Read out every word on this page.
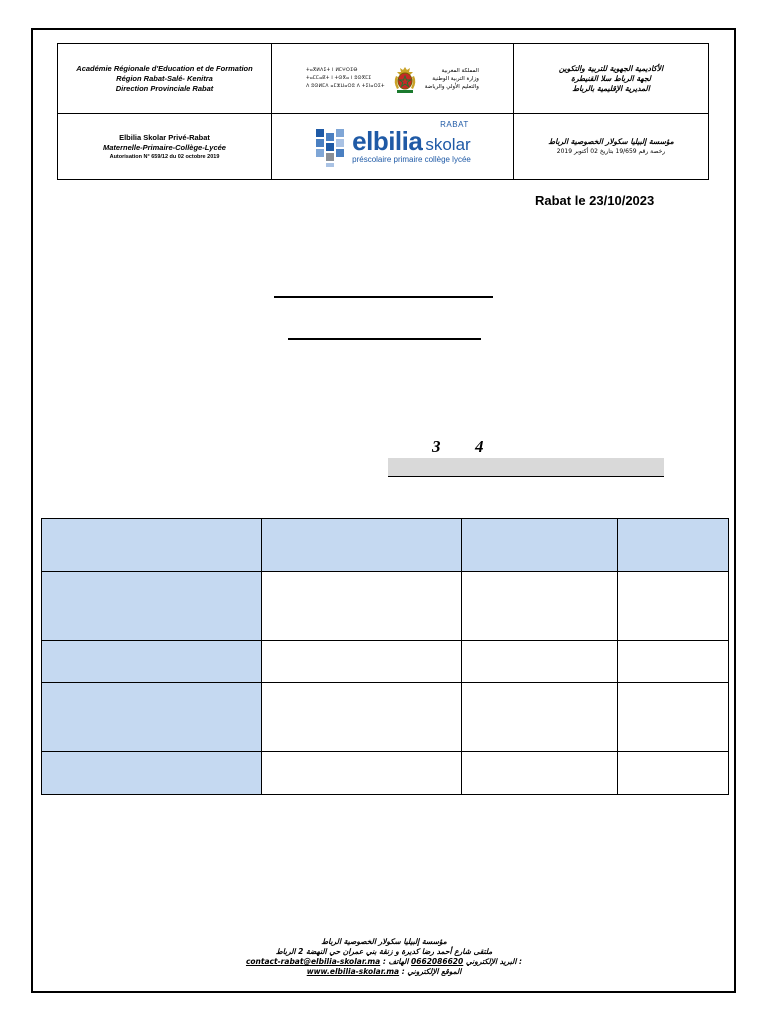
Académie Régionale d'Education et de Formation
Région Rabat-Salé- Kenitra
Direction Provinciale Rabat
ⵜⴰⴳⵍⴷⵉⵜ ⵏ ⵍⵎⵖⵔⵉⴱ
ⵜⴰⵎⵎⴰⴽⵜ ⵏ ⵜⵙⴳⴰ ⵏ ⵓⵙⴳⵎⵉ
ⴷ ⵓⵙⵍⵎⴷ ⴰⵎⵣⵡⴰⵔⵓ ⴷ ⵜⵉⵏⴰⵔⵉⵜ
المملكة المغربية
وزارة التربية الوطنية
والتعليم الأولي والرياضة
الأكاديمية الجهوية للتربية والتكوين
لجهة الرباط سلا القنيطرة
المديرية الإقليمية بالرباط
Elbilia Skolar Privé-Rabat
Maternelle-Primaire-Collège-Lycée
Autorisation N° 659/12 du 02 octobre 2019
elbilia skolar
RABAT
préscolaire primaire collège lycée
مؤسسة إلبيليا سكولار الخصوصية الرباط
رخصة رقم 19/659 بتاريخ 02 أكتوبر 2019
Rabat le 23/10/2023
3 4

مؤسسة إلبيليا سكولار الخصوصية الرباط
ملتقى شارع أحمد رضا كديرة و زنقة بني عمران حي النهضة 2 الرباط
contact-rabat@elbilia-skolar.ma : البريد الإلكتروني 0662086620 الهاتف :
www.elbilia-skolar.ma : الموقع الإلكتروني
